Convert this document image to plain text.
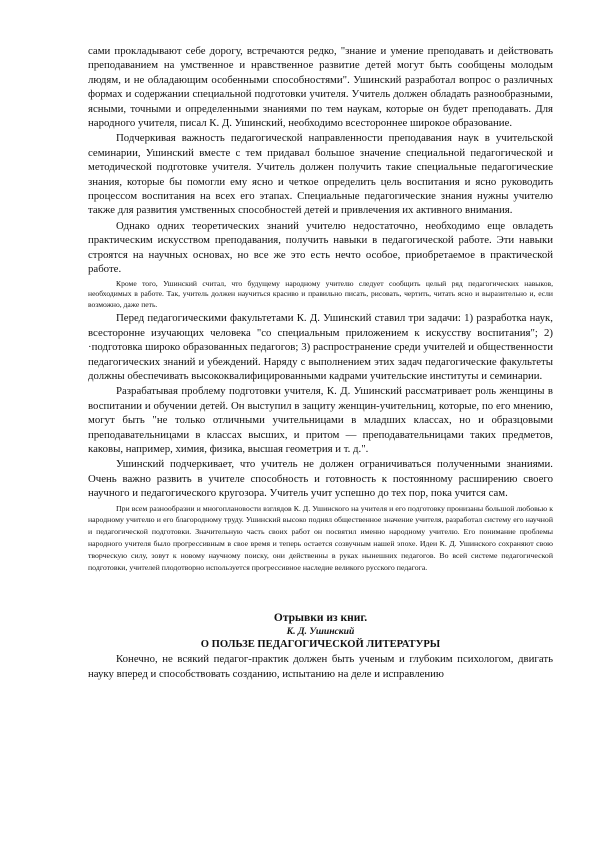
сами прокладывают себе дорогу, встречаются редко, "знание и умение преподавать и действовать преподаванием на умственное и нравственное развитие детей могут быть сообщены молодым людям, и не обладающим особенными способностями". Ушинский разработал вопрос о различных формах и содержании специальной подготовки учителя. Учитель должен обладать разнообразными, ясными, точными и определенными знаниями по тем наукам, которые он будет преподавать. Для народного учителя, писал К. Д. Ушинский, необходимо всестороннее широкое образование.

Подчеркивая важность педагогической направленности преподавания наук в учительской семинарии, Ушинский вместе с тем придавал большое значение специальной педагогической и методической подготовке учителя. Учитель должен получить такие специальные педагогические знания, которые бы помогли ему ясно и четкое определить цель воспитания и ясно руководить процессом воспитания на всех его этапах. Специальные педагогические знания нужны учителю также для развития умственных способностей детей и привлечения их активного внимания.

Однако одних теоретических знаний учителю недостаточно, необходимо еще овладеть практическим искусством преподавания, получить навыки в педагогической работе. Эти навыки строятся на научных основах, но все же это есть нечто особое, приобретаемое в практической работе.

Кроме того, Ушинский считал, что будущему народному учителю следует сообщить целый ряд педагогических навыков, необходимых в работе. Так, учитель должен научиться красиво и правильно писать, рисовать, чертить, читать ясно и выразительно и, если возможно, даже петь.

Перед педагогическими факультетами К. Д. Ушинский ставил три задачи: 1) разработка наук, всесторонне изучающих человека "со специальным приложением к искусству воспитания"; 2) ·подготовка широко образованных педагогов; 3) распространение среди учителей и общественности педагогических знаний и убеждений. Наряду с выполнением этих задач педагогические факультеты должны обеспечивать высококвалифицированными кадрами учительские институты и семинарии.

Разрабатывая проблему подготовки учителя, К. Д. Ушинский рассматривает роль женщины в воспитании и обучении детей. Он выступил в защиту женщин-учительниц, которые, по его мнению, могут быть "не только отличными учительницами в младших классах, но и образцовыми преподавательницами в классах высших, и притом — преподавательницами таких предметов, каковы, например, химия, физика, высшая геометрия и т. д.".

Ушинский подчеркивает, что учитель не должен ограничиваться полученными знаниями. Очень важно развить в учителе способность и готовность к постоянному расширению своего научного и педагогического кругозора. Учитель учит успешно до тех пор, пока учится сам.

При всем разнообразии и многоплановости взглядов К. Д. Ушинского на учителя и его подготовку пронизаны большой любовью к народному учителю и его благородному труду. Ушинский высоко поднял общественное значение учителя, разработал систему его научной и педагогической подготовки. Значительную часть своих работ он посвятил именно народному учителю. Его понимание проблемы народного учителя было прогрессивным в свое время и теперь остается созвучным нашей эпохе. Идеи К. Д. Ушинского сохраняют свою творческую силу, зовут к новому научному поиску, они действенны в руках нынешних педагогов. Во всей системе педагогической подготовки, учителей плодотворно используется прогрессивное наследие великого русского педагога.

Отрывки из книг.

К. Д. Ушинский

О ПОЛЬЗЕ ПЕДАГОГИЧЕСКОЙ ЛИТЕРАТУРЫ

Конечно, не всякий педагог-практик должен быть ученым и глубоким психологом, двигать науку вперед и способствовать созданию, испытанию на деле и исправлению
